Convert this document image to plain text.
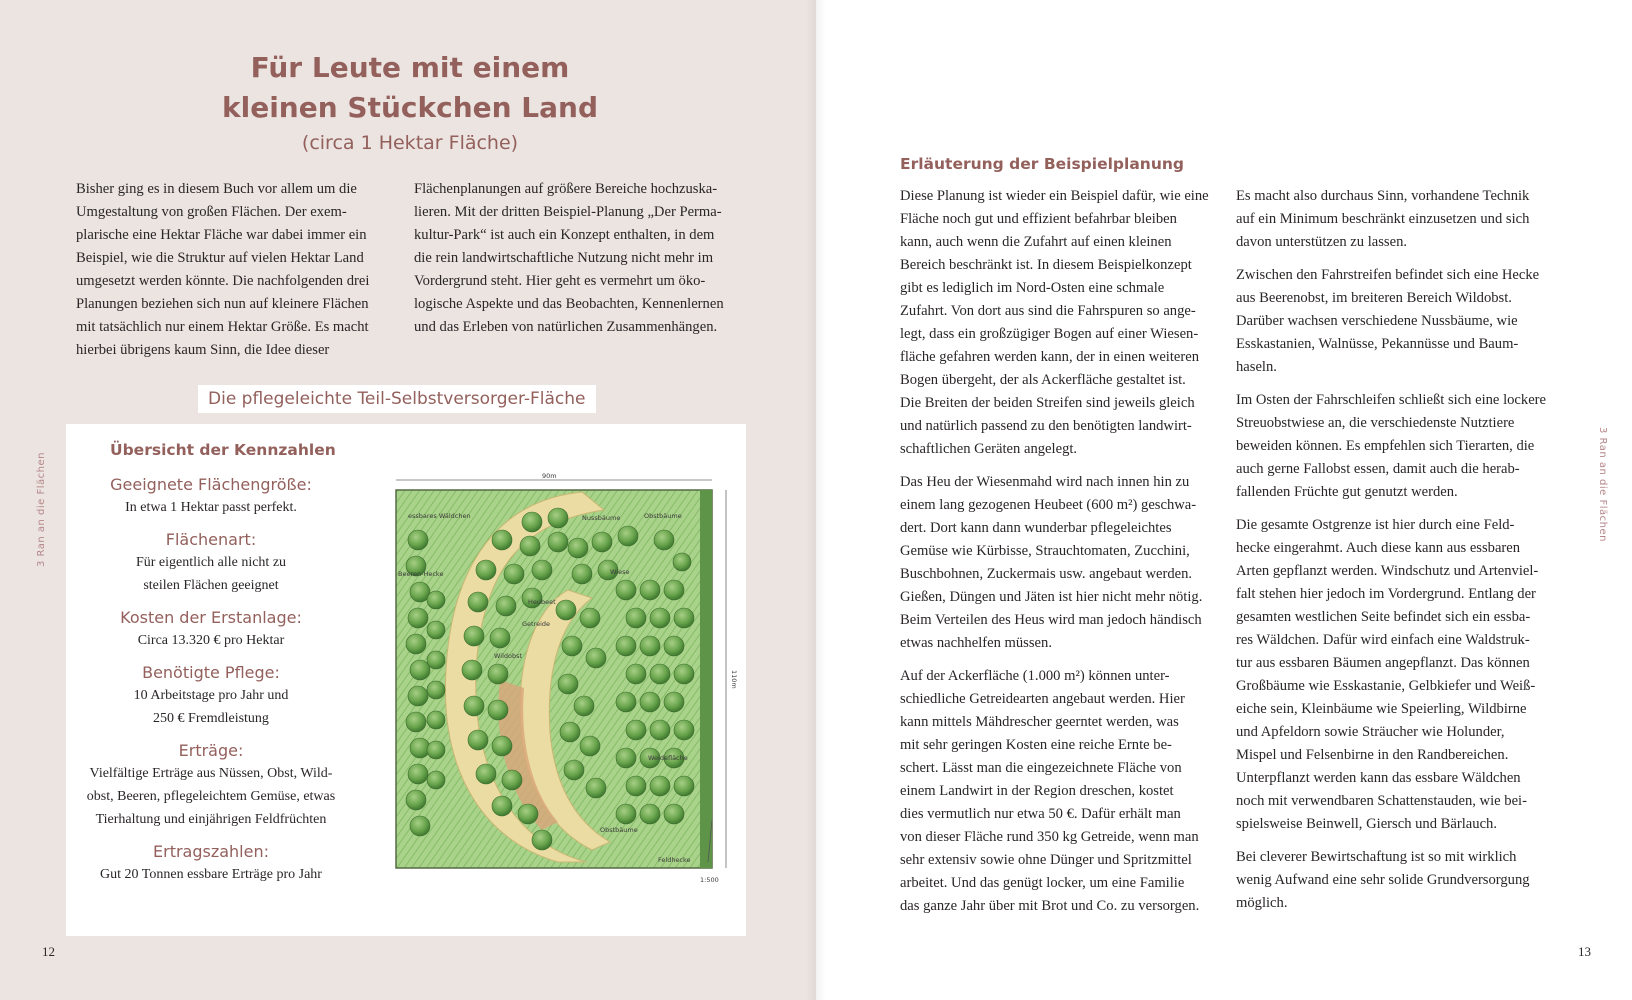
Für Leute mit einem
kleinen Stückchen Land
(circa 1 Hektar Fläche)
Bisher ging es in diesem Buch vor allem um die
Umgestaltung von großen Flächen. Der exem-
plarische eine Hektar Fläche war dabei immer ein
Beispiel, wie die Struktur auf vielen Hektar Land
umgesetzt werden könnte. Die nachfolgenden drei
Planungen beziehen sich nun auf kleinere Flächen
mit tatsächlich nur einem Hektar Größe. Es macht
hierbei übrigens kaum Sinn, die Idee dieser
Flächenplanungen auf größere Bereiche hochzuska-
lieren. Mit der dritten Beispiel-Planung „Der Perma-
kultur-Park“ ist auch ein Konzept enthalten, in dem
die rein landwirtschaftliche Nutzung nicht mehr im
Vordergrund steht. Hier geht es vermehrt um öko-
logische Aspekte und das Beobachten, Kennenlernen
und das Erleben von natürlichen Zusammenhängen.
Die pflegeleichte Teil-Selbstversorger-Fläche
Übersicht der Kennzahlen
Geeignete Flächengröße:
In etwa 1 Hektar passt perfekt.
Flächenart:
Für eigentlich alle nicht zu
steilen Flächen geeignet
Kosten der Erstanlage:
Circa 13.320 € pro Hektar
Benötigte Pflege:
10 Arbeitstage pro Jahr und
250 € Fremdleistung
Erträge:
Vielfältige Erträge aus Nüssen, Obst, Wild-
obst, Beeren, pflegeleichtem Gemüse, etwas
Tierhaltung und einjährigen Feldfrüchten
Ertragszahlen:
Gut 20 Tonnen essbare Erträge pro Jahr
90m
110m
essbares Wäldchen	Nussbäume	Obstbäume
Beeren-Hecke	Wiese
Heubeet
Getreide
Wildobst
Weidefläche
Obstbäume
Feldhecke
1:500
3 Ran an die Flächen
12
Erläuterung der Beispielplanung
Diese Planung ist wieder ein Beispiel dafür, wie eine
Fläche noch gut und effizient befahrbar bleiben
kann, auch wenn die Zufahrt auf einen kleinen
Bereich beschränkt ist. In diesem Beispielkonzept
gibt es lediglich im Nord-Osten eine schmale
Zufahrt. Von dort aus sind die Fahrspuren so ange-
legt, dass ein großzügiger Bogen auf einer Wiesen-
fläche gefahren werden kann, der in einen weiteren
Bogen übergeht, der als Ackerfläche gestaltet ist.
Die Breiten der beiden Streifen sind jeweils gleich
und natürlich passend zu den benötigten landwirt-
schaftlichen Geräten angelegt.
Das Heu der Wiesenmahd wird nach innen hin zu
einem lang gezogenen Heubeet (600 m²) geschwa-
dert. Dort kann dann wunderbar pflegeleichtes
Gemüse wie Kürbisse, Strauchtomaten, Zucchini,
Buschbohnen, Zuckermais usw. angebaut werden.
Gießen, Düngen und Jäten ist hier nicht mehr nötig.
Beim Verteilen des Heus wird man jedoch händisch
etwas nachhelfen müssen.
Auf der Ackerfläche (1.000 m²) können unter-
schiedliche Getreidearten angebaut werden. Hier
kann mittels Mähdrescher geerntet werden, was
mit sehr geringen Kosten eine reiche Ernte be-
schert. Lässt man die eingezeichnete Fläche von
einem Landwirt in der Region dreschen, kostet
dies vermutlich nur etwa 50 €. Dafür erhält man
von dieser Fläche rund 350 kg Getreide, wenn man
sehr extensiv sowie ohne Dünger und Spritzmittel
arbeitet. Und das genügt locker, um eine Familie
das ganze Jahr über mit Brot und Co. zu versorgen.
Es macht also durchaus Sinn, vorhandene Technik
auf ein Minimum beschränkt einzusetzen und sich
davon unterstützen zu lassen.
Zwischen den Fahrstreifen befindet sich eine Hecke
aus Beerenobst, im breiteren Bereich Wildobst.
Darüber wachsen verschiedene Nussbäume, wie
Esskastanien, Walnüsse, Pekannüsse und Baum-
haseln.
Im Osten der Fahrschleifen schließt sich eine lockere
Streuobstwiese an, die verschiedenste Nutztiere
beweiden können. Es empfehlen sich Tierarten, die
auch gerne Fallobst essen, damit auch die herab-
fallenden Früchte gut genutzt werden.
Die gesamte Ostgrenze ist hier durch eine Feld-
hecke eingerahmt. Auch diese kann aus essbaren
Arten gepflanzt werden. Windschutz und Artenviel-
falt stehen hier jedoch im Vordergrund. Entlang der
gesamten westlichen Seite befindet sich ein essba-
res Wäldchen. Dafür wird einfach eine Waldstruk-
tur aus essbaren Bäumen angepflanzt. Das können
Großbäume wie Esskastanie, Gelbkiefer und Weiß-
eiche sein, Kleinbäume wie Speierling, Wildbirne
und Apfeldorn sowie Sträucher wie Holunder,
Mispel und Felsenbirne in den Randbereichen.
Unterpflanzt werden kann das essbare Wäldchen
noch mit verwendbaren Schattenstauden, wie bei-
spielsweise Beinwell, Giersch und Bärlauch.
Bei cleverer Bewirtschaftung ist so mit wirklich
wenig Aufwand eine sehr solide Grundversorgung
möglich.
3 Ran an die Flächen
13
